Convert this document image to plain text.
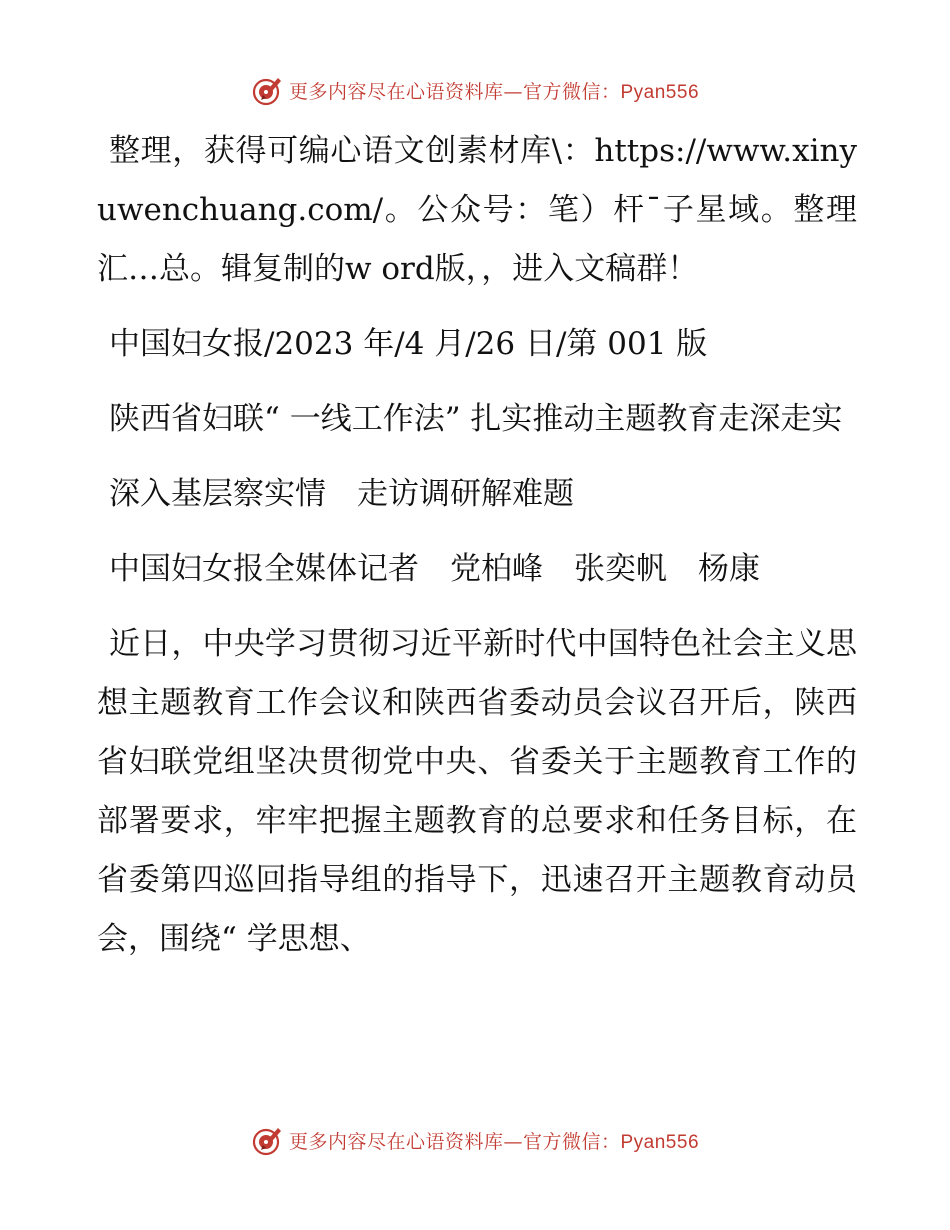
更多内容尽在心语资料库—官方微信：Pyan556

整理，获得可编心语文创素材库\：https://www.xinyuwenchuang.com/。公众号：笔）杆¯子星域。整理汇…总。辑复制的w ord版，，进入文稿群！

中国妇女报/2023 年/4 月/26 日/第 001 版

陕西省妇联“ 一线工作法” 扎实推动主题教育走深走实

深入基层察实情　走访调研解难题

中国妇女报全媒体记者　党柏峰　张奕帆　杨康

近日，中央学习贯彻习近平新时代中国特色社会主义思想主题教育工作会议和陕西省委动员会议召开后，陕西省妇联党组坚决贯彻党中央、省委关于主题教育工作的部署要求，牢牢把握主题教育的总要求和任务目标，在省委第四巡回指导组的指导下，迅速召开主题教育动员会，围绕“ 学思想、

更多内容尽在心语资料库—官方微信：Pyan556
